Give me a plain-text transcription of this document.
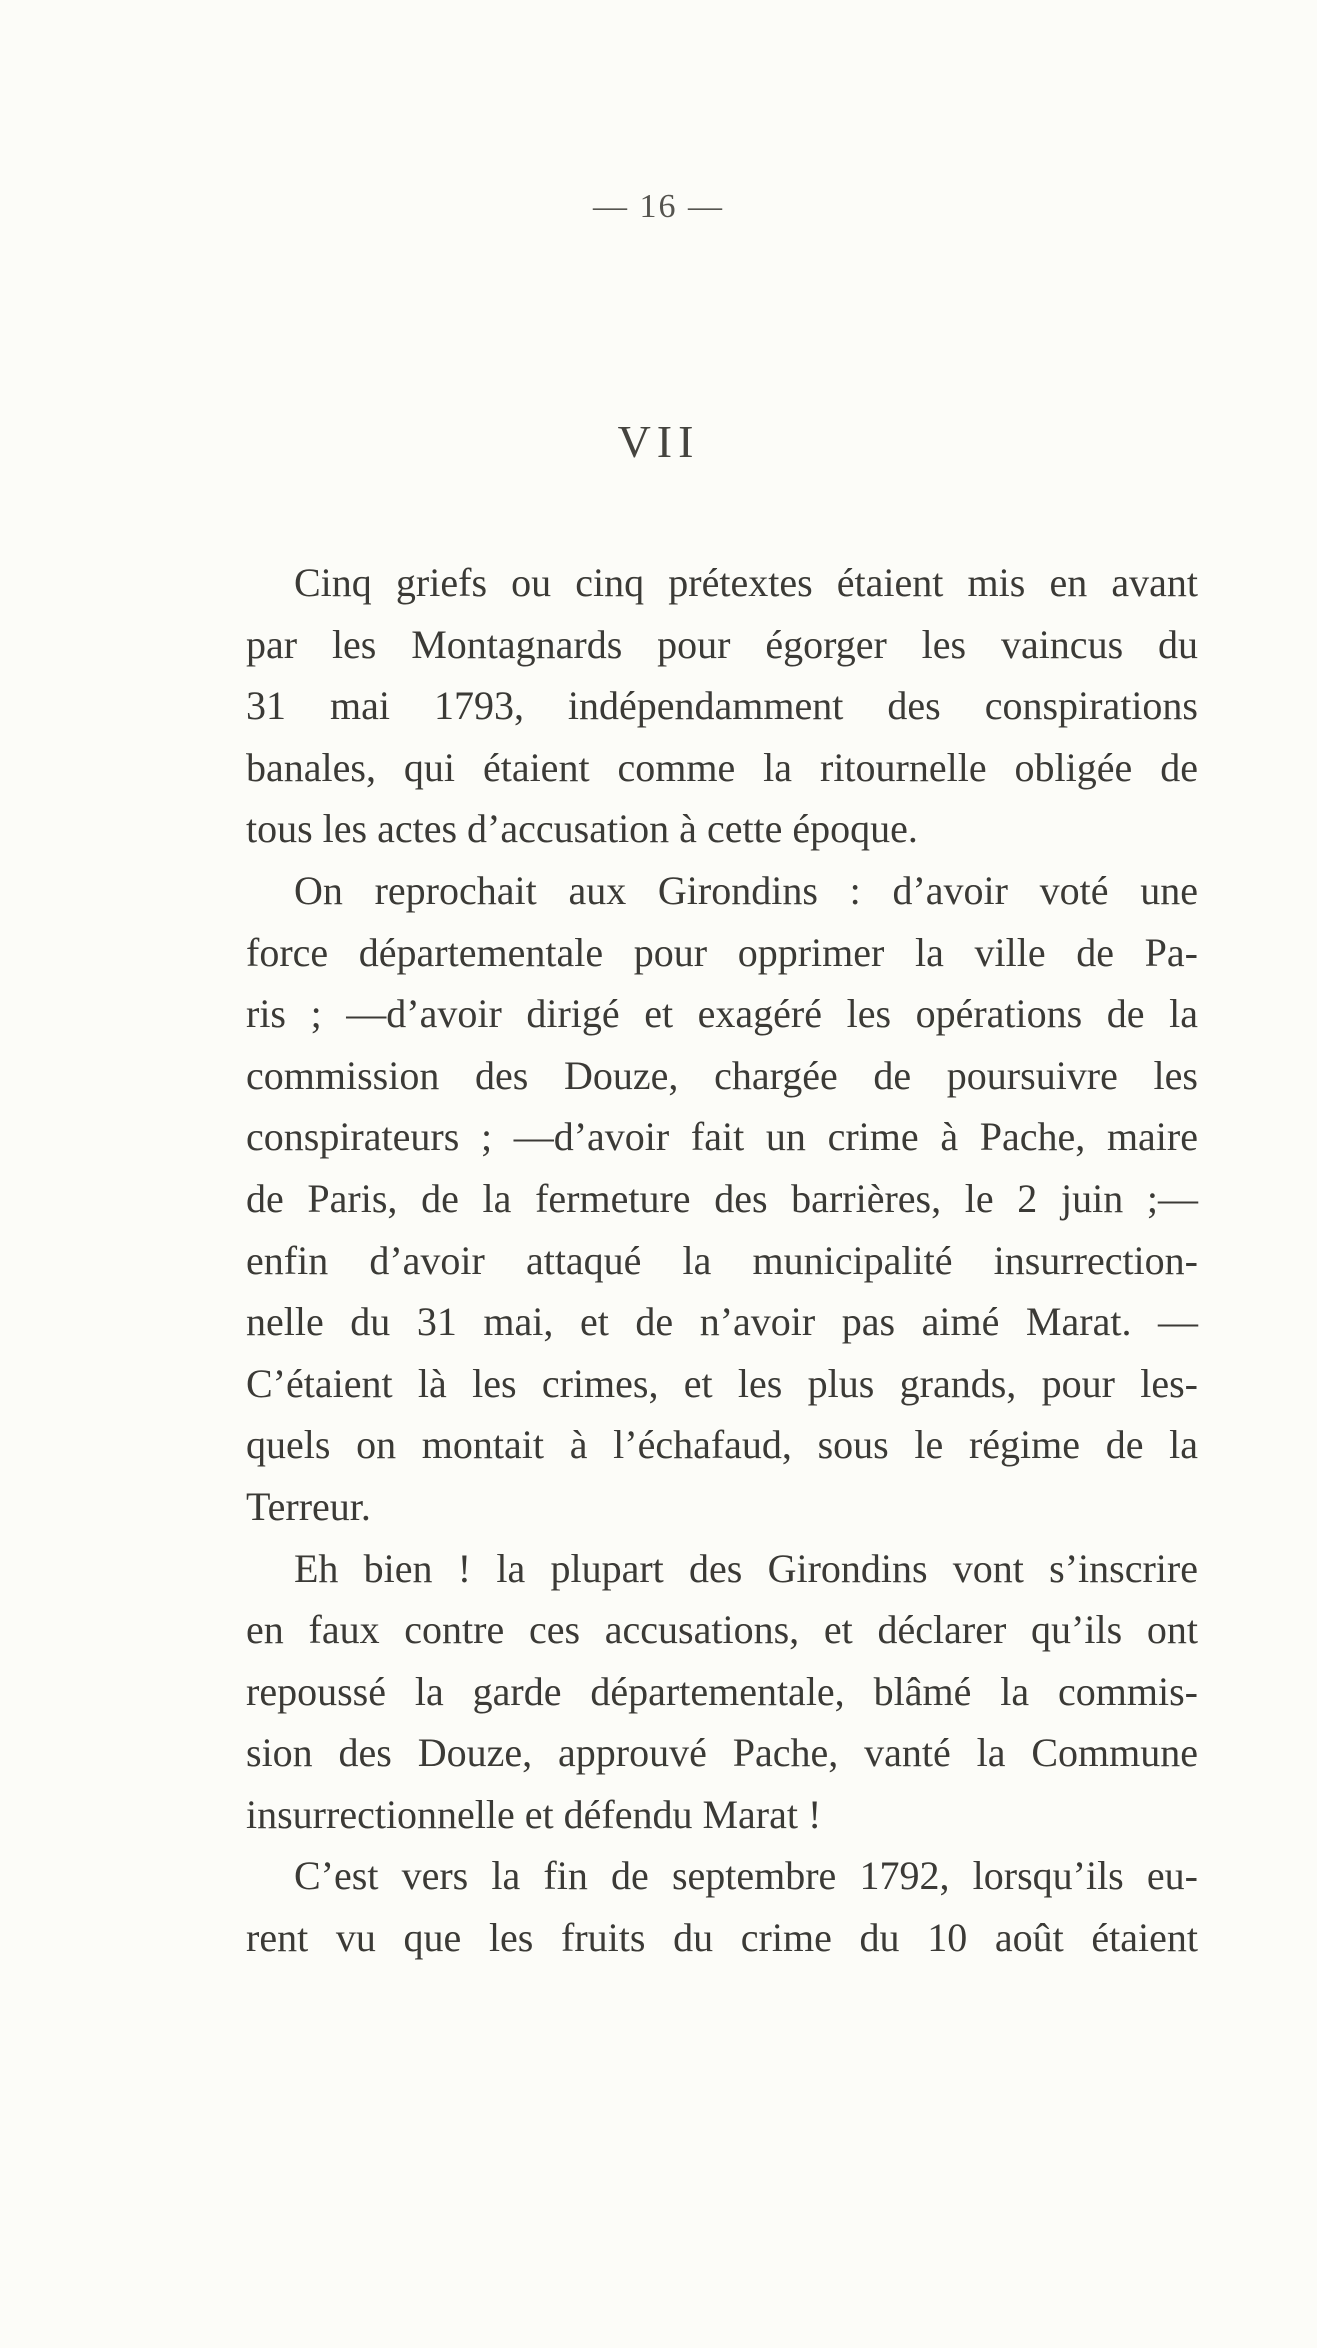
— 16 —
VII
Cinq griefs ou cinq prétextes étaient mis en avant
par les Montagnards pour égorger les vaincus du
31 mai 1793, indépendamment des conspirations
banales, qui étaient comme la ritournelle obligée de
tous les actes d’accusation à cette époque.
On reprochait aux Girondins : d’avoir voté une
force départementale pour opprimer la ville de Pa-
ris ; —d’avoir dirigé et exagéré les opérations de la
commission des Douze, chargée de poursuivre les
conspirateurs ; —d’avoir fait un crime à Pache, maire
de Paris, de la fermeture des barrières, le 2 juin ;—
enfin d’avoir attaqué la municipalité insurrection-
nelle du 31 mai, et de n’avoir pas aimé Marat. —
C’étaient là les crimes, et les plus grands, pour les-
quels on montait à l’échafaud, sous le régime de la
Terreur.
Eh bien ! la plupart des Girondins vont s’inscrire
en faux contre ces accusations, et déclarer qu’ils ont
repoussé la garde départementale, blâmé la commis-
sion des Douze, approuvé Pache, vanté la Commune
insurrectionnelle et défendu Marat !
C’est vers la fin de septembre 1792, lorsqu’ils eu-
rent vu que les fruits du crime du 10 août étaient
